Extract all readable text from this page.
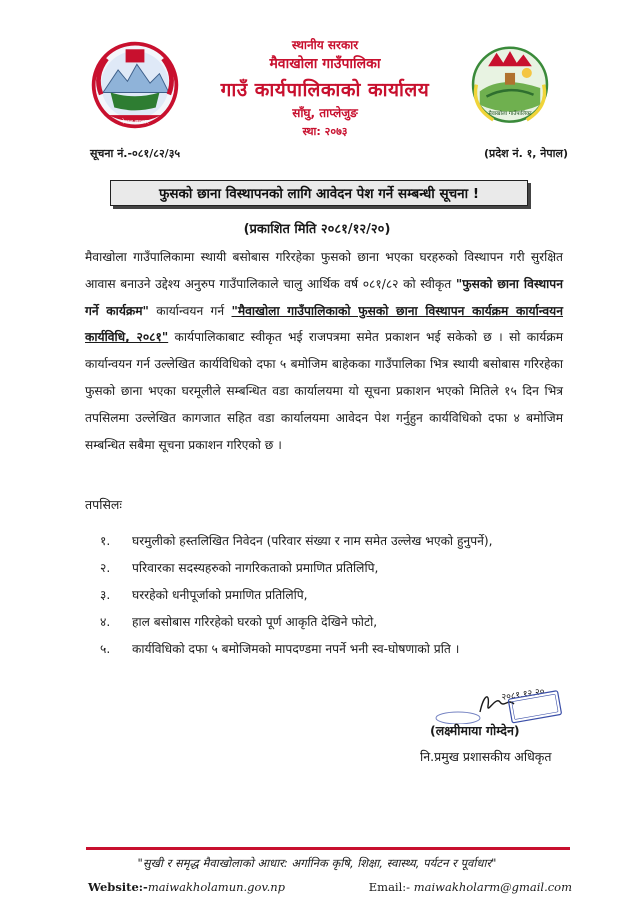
नेपाल सरकार
मैवाखोला गाउँपालिका
स्थानीय सरकार
मैवाखोला गाउँपालिका
गाउँ कार्यपालिकाको कार्यालय
साँघु, ताप्लेजुङ
स्था: २०७३
सूचना नं.-०८१/८२/३५	(प्रदेश नं. १, नेपाल)
फुसको छाना विस्थापनको लागि आवेदन पेश गर्ने सम्बन्धी सूचना !
(प्रकाशित मिति २०८१/१२/२०)
मैवाखोला गाउँपालिकामा स्थायी बसोबास गरिरहेका फुसको छाना भएका घरहरुको विस्थापन गरी सुरक्षित आवास बनाउने उद्देश्य अनुरुप गाउँपालिकाले चालु आर्थिक वर्ष ०८१/८२ को स्वीकृत "फुसको छाना विस्थापन गर्ने कार्यक्रम" कार्यान्वयन गर्न "मैवाखोला गाउँपालिकाको फुसको छाना विस्थापन कार्यक्रम कार्यान्वयन कार्यविधि, २०८१" कार्यपालिकाबाट स्वीकृत भई राजपत्रमा समेत प्रकाशन भई सकेको छ । सो कार्यक्रम कार्यान्वयन गर्न उल्लेखित कार्यविधिको दफा ५ बमोजिम बाहेकका गाउँपालिका भित्र स्थायी बसोबास गरिरहेका फुसको छाना भएका घरमूलीले सम्बन्धित वडा कार्यालयमा यो सूचना प्रकाशन भएको मितिले १५ दिन भित्र तपसिलमा उल्लेखित कागजात सहित वडा कार्यालयमा आवेदन पेश गर्नुहुन कार्यविधिको दफा ४ बमोजिम सम्बन्धित सबैमा सूचना प्रकाशन गरिएको छ ।
तपसिलः
१.	घरमुलीको हस्तलिखित निवेदन (परिवार संख्या र नाम समेत उल्लेख भएको हुनुपर्ने),
२.	परिवारका सदस्यहरुको नागरिकताको प्रमाणित प्रतिलिपि,
३.	घररहेको धनीपूर्जाको प्रमाणित प्रतिलिपि,
४.	हाल बसोबास गरिरहेको घरको पूर्ण आकृति देखिने फोटो,
५.	कार्यविधिको दफा ५ बमोजिमको मापदण्डमा नपर्ने भनी स्व-घोषणाको प्रति ।
२०८१.१२.२०
(लक्ष्मीमाया गोम्देन)
नि.प्रमुख प्रशासकीय अधिकृत
"सुखी र समृद्ध मैवाखोलाको आधार: अर्गानिक कृषि, शिक्षा, स्वास्थ्य, पर्यटन र पूर्वाधार"
Website:-maiwakholamun.gov.np	Email:- maiwakholarm@gmail.com
